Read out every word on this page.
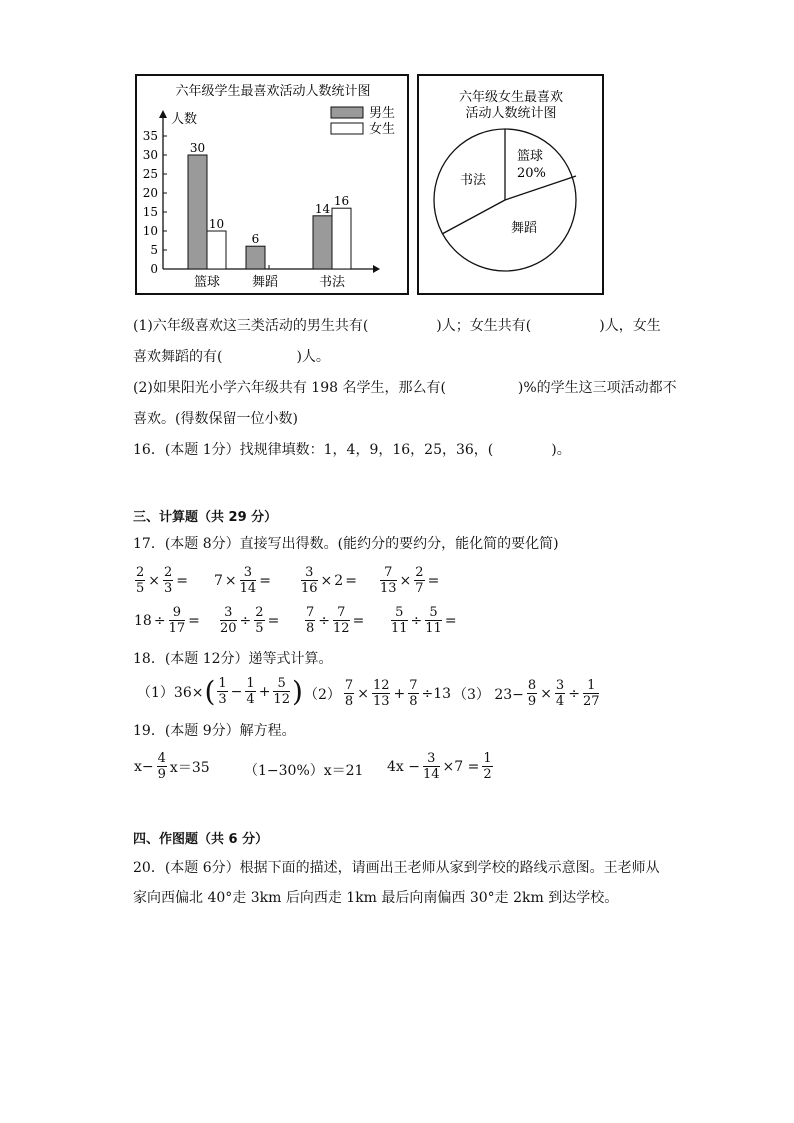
六年级学生最喜欢活动人数统计图
人数
0
5
10
15
20
25
30
35
篮球 舞蹈	书法
30
10
6
14
16
男生
女生
六年级女生最喜欢
活动人数统计图
篮球
20%
书法
舞蹈
(1)六年级喜欢这三类活动的男生共有(	)人；女生共有(	)人，女生
喜欢舞蹈的有(	)人。
(2)如果阳光小学六年级共有 198 名学生，那么有(	)%的学生这三项活动都不
喜欢。(得数保留一位小数)
16．(本题 1分）找规律填数：1，4，9，16，25，36，(	)。
三、计算题（共 29 分）
17．(本题 8分）直接写出得数。(能约分的要约分，能化简的要化简)
$\frac{2}{5} \times \frac{2}{3} = 7 \times \frac{3}{14} = \frac{3}{16} \times 2 = \frac{7}{13} \times \frac{2}{7}$ =
$18 \div \frac{9}{17} = \frac{3}{20} \div \frac{2}{5} = \frac{7}{8} \div \frac{7}{12} = \frac{5}{11} \div \frac{5}{11}$ =
18．(本题 12分）递等式计算。
（1）36× ( $\frac{1}{3} - \frac{1}{4} + \frac{5}{12}$ ) $(2) \frac{7}{8} \times \frac{12}{13} + \frac{7}{8} \div 13$ （3） $23- \frac{8}{9} \times \frac{3}{4} \div \frac{1}{27}$
19．(本题 9分）解方程。
$x- \frac{4}{9} x=35$ （1−30%）x＝21 $4x - \frac{3}{14} \times 7 = \frac{1}{2}$
四、作图题（共 6 分）
20．(本题 6分）根据下面的描述，请画出王老师从家到学校的路线示意图。王老师从
家向西偏北 40°走 3km 后向西走 1km 最后向南偏西 30°走 2km 到达学校。
